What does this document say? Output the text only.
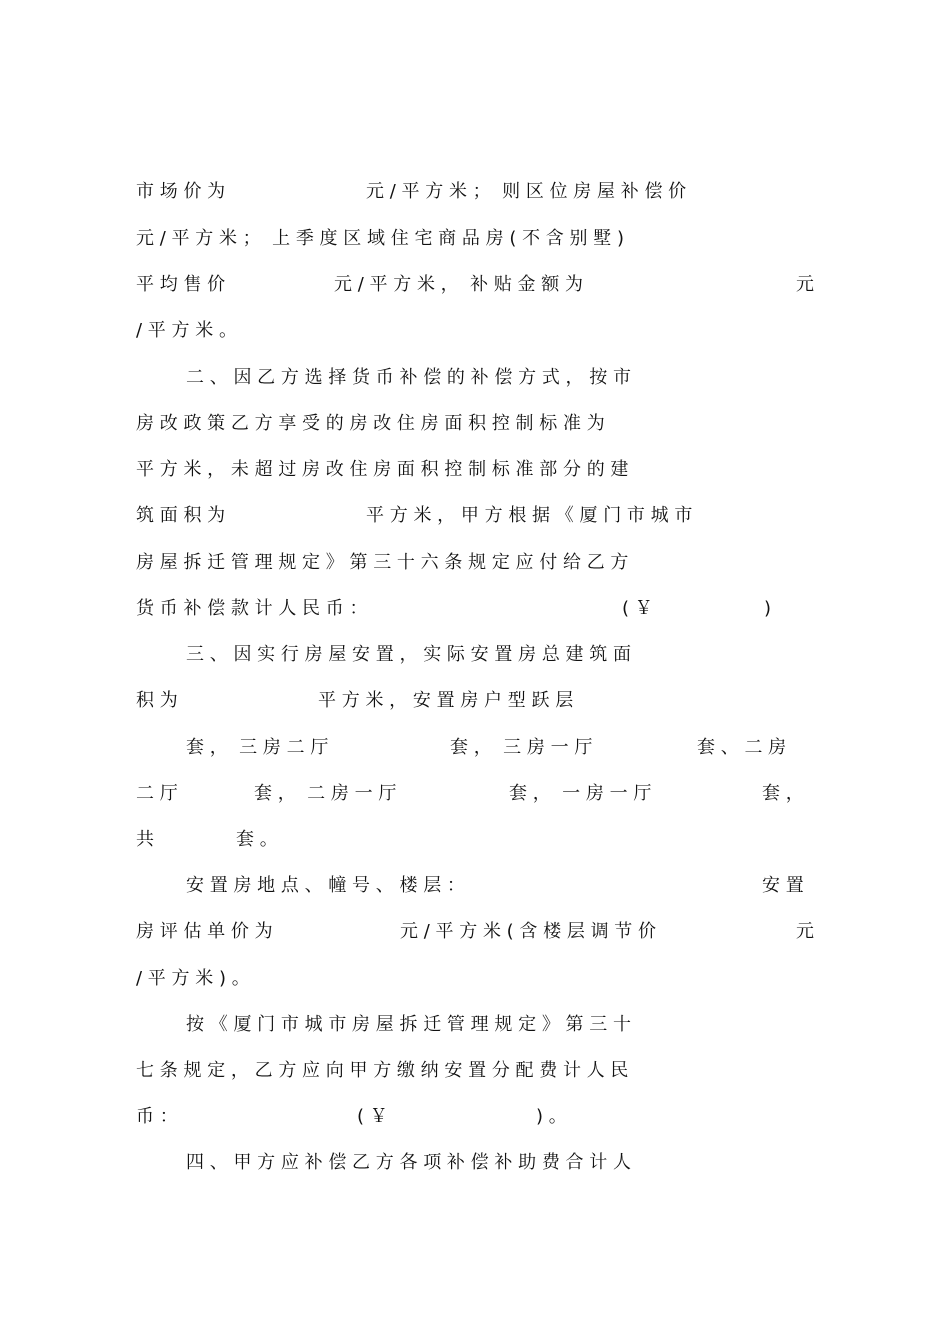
市 场 价 为

	元 / 平 方 米 ；  则 区 位 房 屋 补 偿 价

元 / 平 方 米 ；  上 季 度 区 域 住 宅 商 品 房 ( 不 含 别 墅 )

平 均 售 价

	元 / 平 方 米 ，  补 贴 金 额 为

	元

/ 平 方 米 。

二 、 因 乙 方 选 择 货 币 补 偿 的 补 偿 方 式 ， 按 市

房 改 政 策 乙 方 享 受 的 房 改 住 房 面 积 控 制 标 准 为

平 方 米 ， 未 超 过 房 改 住 房 面 积 控 制 标 准 部 分 的 建

筑 面 积 为

	平 方 米 ， 甲 方 根 据 《 厦 门 市 城 市

房 屋 拆 迁 管 理 规 定 》 第 三 十 六 条 规 定 应 付 给 乙 方

货 币 补 偿 款 计 人 民 币 ：

	( ￥

	)

三 、 因 实 行 房 屋 安 置 ， 实 际 安 置 房 总 建 筑 面

积 为

	平 方 米 ， 安 置 房 户 型 跃 层

套 ，  三 房 二 厅

	套 ，  三 房 一 厅

	套 、 二 房

二 厅

	套 ，  二 房 一 厅

	套 ，  一 房 一 厅

	套 ，

共

	套 。

安 置 房 地 点 、 幢 号 、 楼 层 ：

	安 置

房 评 估 单 价 为

	元 / 平 方 米 ( 含 楼 层 调 节 价

	元

/ 平 方 米 ) 。

按 《 厦 门 市 城 市 房 屋 拆 迁 管 理 规 定 》 第 三 十

七 条 规 定 ， 乙 方 应 向 甲 方 缴 纳 安 置 分 配 费 计 人 民

币 ：

	( ￥

	) 。

四 、 甲 方 应 补 偿 乙 方 各 项 补 偿 补 助 费 合 计 人
